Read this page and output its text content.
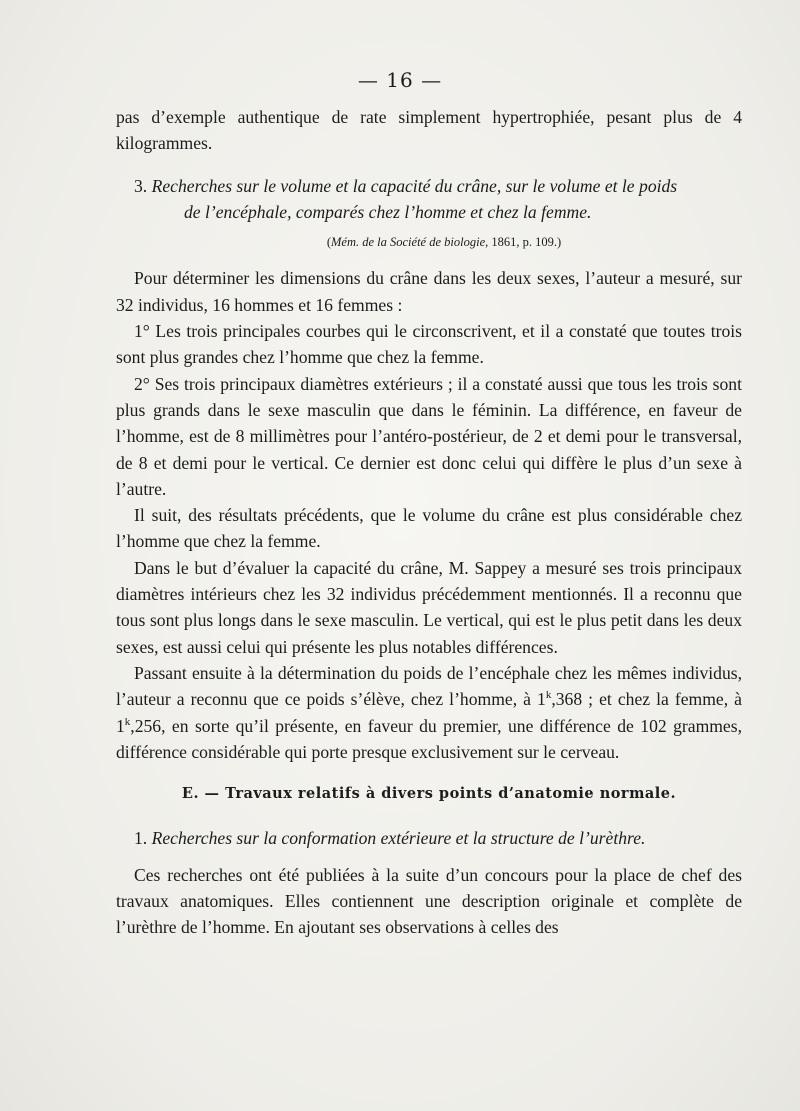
— 16 —

pas d’exemple authentique de rate simplement hypertrophiée, pesant plus de 4 kilogrammes.

3. Recherches sur le volume et la capacité du crâne, sur le volume et le poids
de l’encéphale, comparés chez l’homme et chez la femme.

(Mém. de la Société de biologie, 1861, p. 109.)

Pour déterminer les dimensions du crâne dans les deux sexes, l’auteur a mesuré, sur 32 individus, 16 hommes et 16 femmes :

1° Les trois principales courbes qui le circonscrivent, et il a constaté que toutes trois sont plus grandes chez l’homme que chez la femme.

2° Ses trois principaux diamètres extérieurs ; il a constaté aussi que tous les trois sont plus grands dans le sexe masculin que dans le féminin. La différence, en faveur de l’homme, est de 8 millimètres pour l’antéro-postérieur, de 2 et demi pour le transversal, de 8 et demi pour le vertical. Ce dernier est donc celui qui diffère le plus d’un sexe à l’autre.

Il suit, des résultats précédents, que le volume du crâne est plus considérable chez l’homme que chez la femme.

Dans le but d’évaluer la capacité du crâne, M. Sappey a mesuré ses trois principaux diamètres intérieurs chez les 32 individus précédemment mentionnés. Il a reconnu que tous sont plus longs dans le sexe masculin. Le vertical, qui est le plus petit dans les deux sexes, est aussi celui qui présente les plus notables différences.

Passant ensuite à la détermination du poids de l’encéphale chez les mêmes individus, l’auteur a reconnu que ce poids s’élève, chez l’homme, à 1$^k$,368 ; et chez la femme, à 1$^k$,256, en sorte qu’il présente, en faveur du premier, une différence de 102 grammes, différence considérable qui porte presque exclusivement sur le cerveau.

E. — Travaux relatifs à divers points d’anatomie normale.

1. Recherches sur la conformation extérieure et la structure de l’urèthre.

Ces recherches ont été publiées à la suite d’un concours pour la place de chef des travaux anatomiques. Elles contiennent une description originale et complète de l’urèthre de l’homme. En ajoutant ses observations à celles des
